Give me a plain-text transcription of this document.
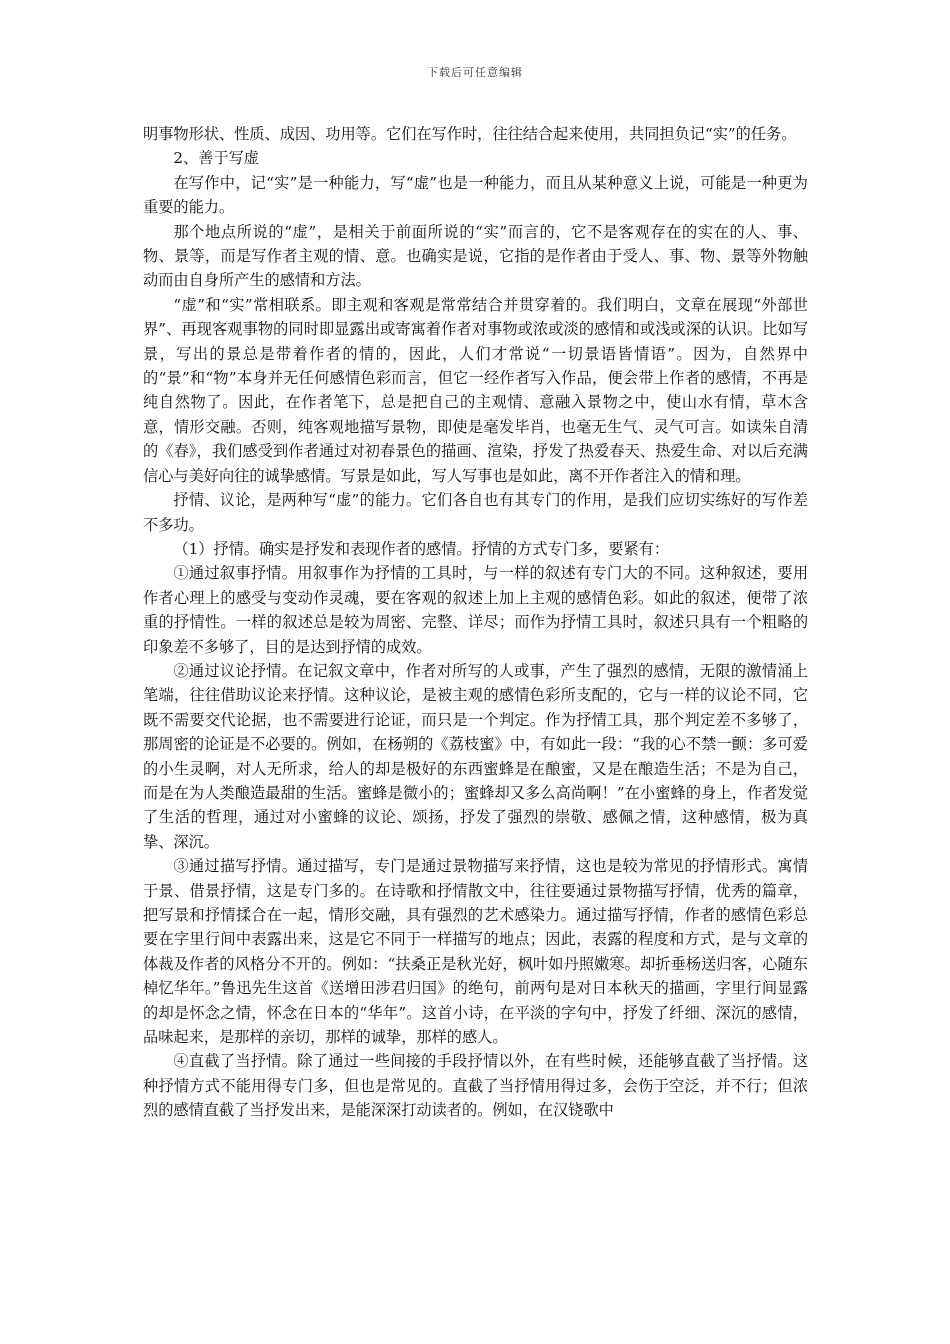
下载后可任意编辑

明事物形状、性质、成因、功用等。它们在写作时，往往结合起来使用，共同担负记“实”的任务。

2、善于写虚

在写作中，记“实”是一种能力，写“虚”也是一种能力，而且从某种意义上说，可能是一种更为重要的能力。

那个地点所说的“虚”，是相关于前面所说的“实”而言的，它不是客观存在的实在的人、事、物、景等，而是写作者主观的情、意。也确实是说，它指的是作者由于受人、事、物、景等外物触动而由自身所产生的感情和方法。

“虚”和“实”常相联系。即主观和客观是常常结合并贯穿着的。我们明白，文章在展现“外部世界”、再现客观事物的同时即显露出或寄寓着作者对事物或浓或淡的感情和或浅或深的认识。比如写景，写出的景总是带着作者的情的，因此，人们才常说“一切景语皆情语”。因为，自然界中的“景”和“物”本身并无任何感情色彩而言，但它一经作者写入作品，便会带上作者的感情，不再是纯自然物了。因此，在作者笔下，总是把自己的主观情、意融入景物之中，使山水有情，草木含意，情形交融。否则，纯客观地描写景物，即使是毫发毕肖，也毫无生气、灵气可言。如读朱自清的《春》，我们感受到作者通过对初春景色的描画、渲染，抒发了热爱春天、热爱生命、对以后充满信心与美好向往的诚挚感情。写景是如此，写人写事也是如此，离不开作者注入的情和理。

抒情、议论，是两种写“虚”的能力。它们各自也有其专门的作用，是我们应切实练好的写作差不多功。

（1）抒情。确实是抒发和表现作者的感情。抒情的方式专门多，要紧有：

①通过叙事抒情。用叙事作为抒情的工具时，与一样的叙述有专门大的不同。这种叙述，要用作者心理上的感受与变动作灵魂，要在客观的叙述上加上主观的感情色彩。如此的叙述，便带了浓重的抒情性。一样的叙述总是较为周密、完整、详尽；而作为抒情工具时，叙述只具有一个粗略的印象差不多够了，目的是达到抒情的成效。

②通过议论抒情。在记叙文章中，作者对所写的人或事，产生了强烈的感情，无限的激情涌上笔端，往往借助议论来抒情。这种议论，是被主观的感情色彩所支配的，它与一样的议论不同，它既不需要交代论据，也不需要进行论证，而只是一个判定。作为抒情工具，那个判定差不多够了，那周密的论证是不必要的。例如，在杨朔的《荔枝蜜》中，有如此一段：“我的心不禁一颤：多可爱的小生灵啊，对人无所求，给人的却是极好的东西蜜蜂是在酿蜜，又是在酿造生活；不是为自己，而是在为人类酿造最甜的生活。蜜蜂是微小的；蜜蜂却又多么高尚啊！”在小蜜蜂的身上，作者发觉了生活的哲理，通过对小蜜蜂的议论、颂扬，抒发了强烈的崇敬、感佩之情，这种感情，极为真挚、深沉。

③通过描写抒情。通过描写，专门是通过景物描写来抒情，这也是较为常见的抒情形式。寓情于景、借景抒情，这是专门多的。在诗歌和抒情散文中，往往要通过景物描写抒情，优秀的篇章，把写景和抒情揉合在一起，情形交融，具有强烈的艺术感染力。通过描写抒情，作者的感情色彩总要在字里行间中表露出来，这是它不同于一样描写的地点；因此，表露的程度和方式，是与文章的体裁及作者的风格分不开的。例如：“扶桑正是秋光好，枫叶如丹照嫩寒。却折垂杨送归客，心随东棹忆华年。”鲁迅先生这首《送增田涉君归国》的绝句，前两句是对日本秋天的描画，字里行间显露的却是怀念之情，怀念在日本的“华年”。这首小诗，在平淡的字句中，抒发了纤细、深沉的感情，品味起来，是那样的亲切，那样的诚挚，那样的感人。

④直截了当抒情。除了通过一些间接的手段抒情以外，在有些时候，还能够直截了当抒情。这种抒情方式不能用得专门多，但也是常见的。直截了当抒情用得过多，会伤于空泛，并不行；但浓烈的感情直截了当抒发出来，是能深深打动读者的。例如，在汉铙歌中
